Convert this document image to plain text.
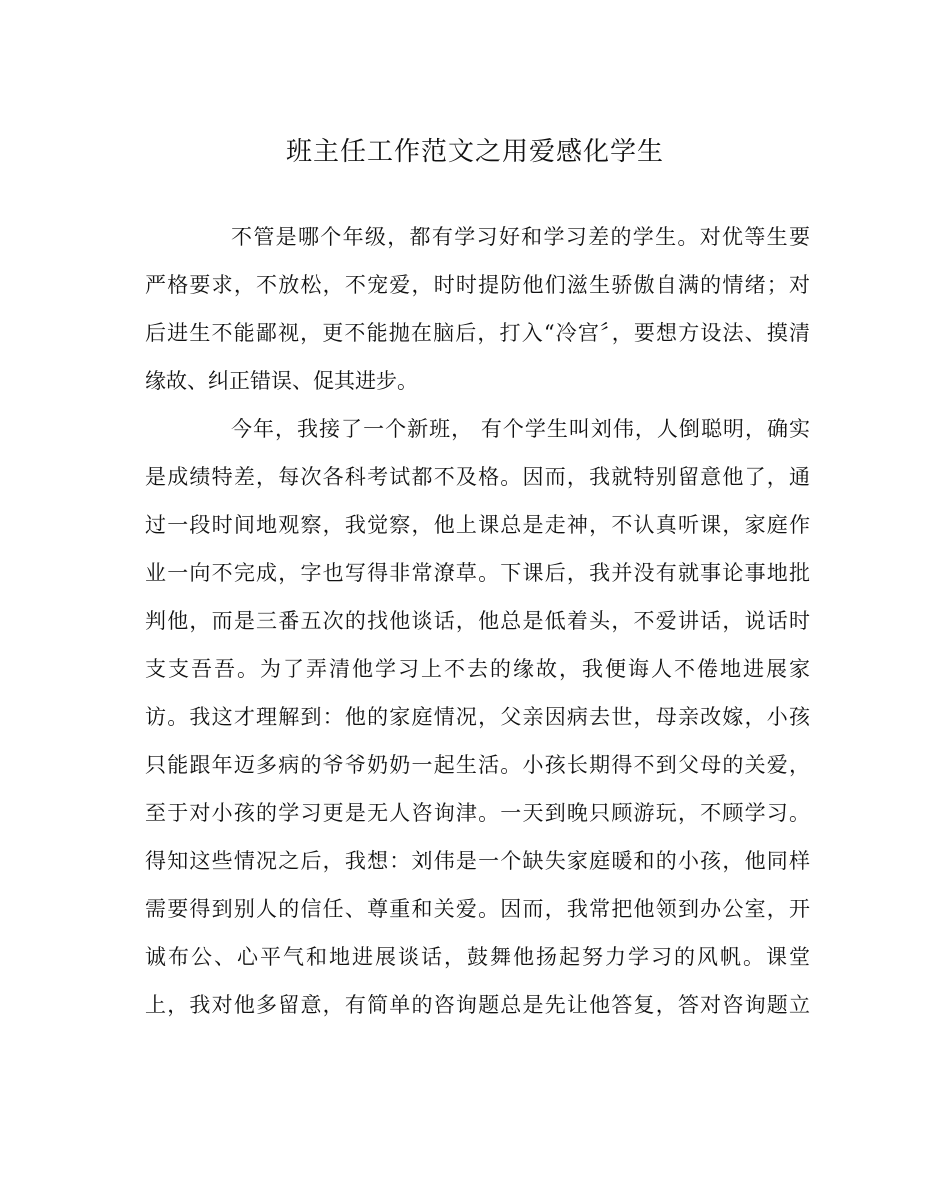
班主任工作范文之用爱感化学生
不管是哪个年级，都有学习好和学习差的学生。对优等生要
严格要求，不放松，不宠爱，时时提防他们滋生骄傲自满的情绪；对
后进生不能鄙视，更不能抛在脑后，打入“冷宫〞，要想方设法、摸清
缘故、纠正错误、促其进步。
今年，我接了一个新班， 有个学生叫刘伟，人倒聪明，确实
是成绩特差，每次各科考试都不及格。因而，我就特别留意他了，通
过一段时间地观察，我觉察，他上课总是走神，不认真听课，家庭作
业一向不完成，字也写得非常潦草。下课后，我并没有就事论事地批
判他，而是三番五次的找他谈话，他总是低着头，不爱讲话，说话时
支支吾吾。为了弄清他学习上不去的缘故，我便诲人不倦地进展家
访。我这才理解到：他的家庭情况，父亲因病去世，母亲改嫁，小孩
只能跟年迈多病的爷爷奶奶一起生活。小孩长期得不到父母的关爱，
至于对小孩的学习更是无人咨询津。一天到晚只顾游玩，不顾学习。
得知这些情况之后，我想：刘伟是一个缺失家庭暖和的小孩，他同样
需要得到别人的信任、尊重和关爱。因而，我常把他领到办公室，开
诚布公、心平气和地进展谈话，鼓舞他扬起努力学习的风帆。课堂
上，我对他多留意，有简单的咨询题总是先让他答复，答对咨询题立
